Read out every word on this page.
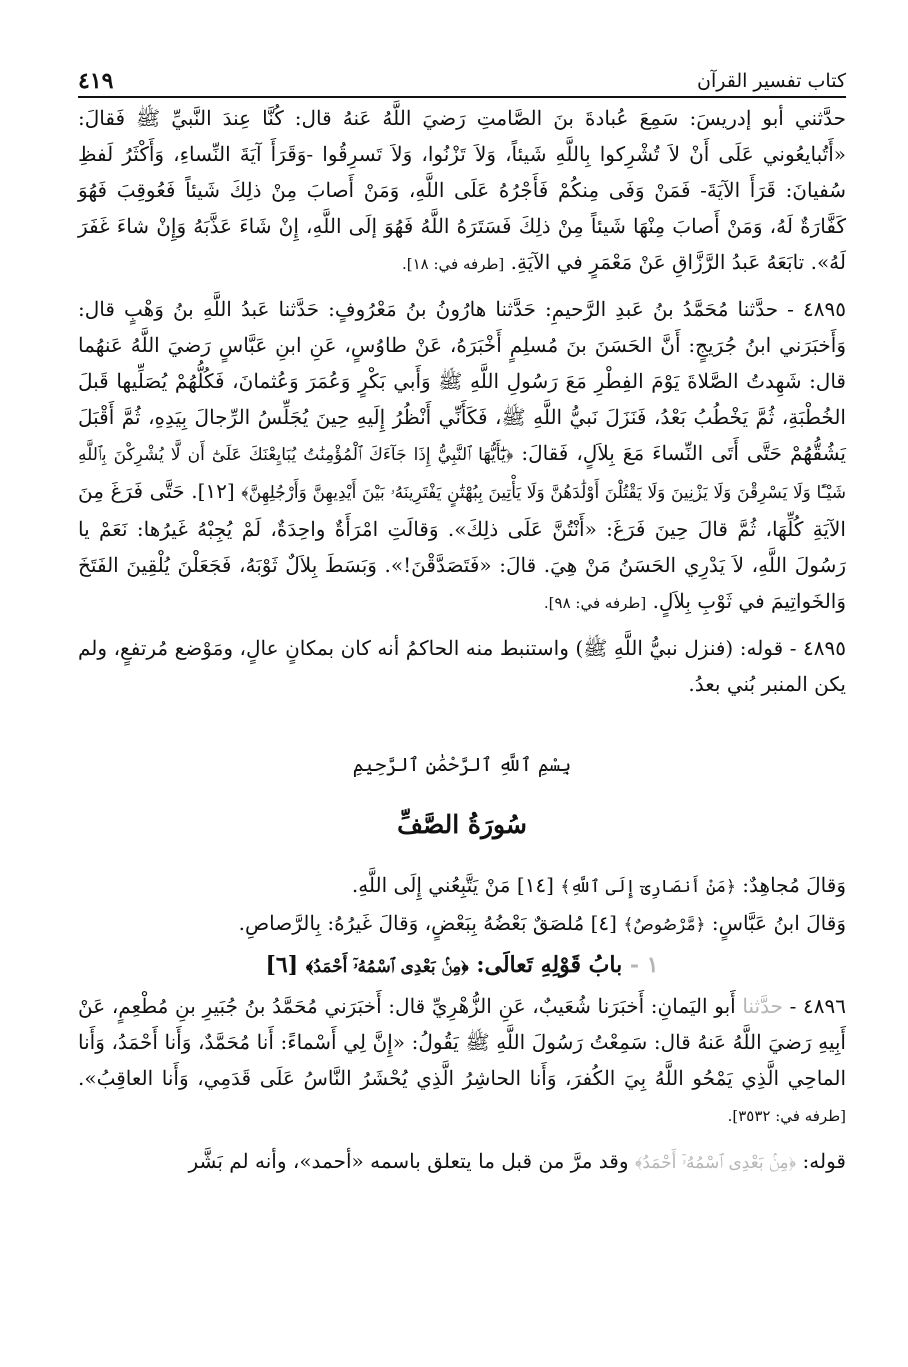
كتاب تفسير القرآن
٤١٩

حدَّثني أبو إدريسَ: سَمِعَ عُبادةَ بنَ الصَّامتِ رَضيَ اللَّهُ عَنهُ قال: كُنَّا عِندَ النَّبيِّ ﷺ فَقالَ: «أَتُبايعُوني عَلَى أَنْ لاَ تُشْرِكوا بِاللَّهِ شَيئاً، وَلاَ تَزْنُوا، وَلاَ تَسرِقُوا -وَقَرَأَ آيَةَ النِّساءِ، وَأَكْثَرُ لَفظِ سُفيانَ: قَرَأَ الآيَةَ- فَمَنْ وَفَى مِنكُمْ فَأَجْرُهُ عَلَى اللَّهِ، وَمَنْ أَصابَ مِنْ ذلِكَ شَيئاً فَعُوقِبَ فَهُوَ كَفَّارَةٌ لَهُ، وَمَنْ أَصابَ مِنْهَا شَيئاً مِنْ ذلِكَ فَسَتَرَهُ اللَّهُ فَهُوَ إلَى اللَّهِ، إِنْ شَاءَ عَذَّبَهُ وَإِنْ شاءَ غَفَرَ لَهُ». تابَعَهُ عَبدُ الرَّزَّاقِ عَنْ مَعْمَرٍ في الآيَةِ. [طرفه في: ١٨].

٤٨٩٥ - حدَّثنا مُحَمَّدُ بنُ عَبدِ الرَّحيمِ: حَدَّثنا هارُونُ بنُ مَعْرُوفٍ: حَدَّثنا عَبدُ اللَّهِ بنُ وَهْبٍ قال: وَأَخبَرَني ابنُ جُرَيجٍ: أَنَّ الحَسَنَ بنَ مُسلِمٍ أَخْبَرَهُ، عَنْ طاوُسٍ، عَنِ ابنِ عَبَّاسٍ رَضيَ اللَّهُ عَنهُما قال: شَهِدتُ الصَّلاةَ يَوْمَ الفِطْرِ مَعَ رَسُولِ اللَّهِ ﷺ وَأَبي بَكْرٍ وَعُمَرَ وَعُثمانَ، فَكُلُّهُمْ يُصَلِّيها قَبلَ الخُطْبَةِ، ثُمَّ يَخْطُبُ بَعْدُ، فَنَزَلَ نَبيُّ اللَّهِ ﷺ، فَكَأَنِّي أَنْظُرُ إِلَيهِ حِينَ يُجَلِّسُ الرِّجالَ بِيَدِهِ، ثُمَّ أَقْبَلَ يَشُقُّهُمْ حَتَّى أَتَى النِّساءَ مَعَ بِلاَلٍ، فَقالَ: ﴿يَٰٓأَيُّهَا ٱلنَّبِيُّ إِذَا جَآءَكَ ٱلْمُؤْمِنَٰتُ يُبَايِعْنَكَ عَلَىٰٓ أَن لَّا يُشْرِكْنَ بِٱللَّهِ شَيْـًٔا وَلَا يَسْرِقْنَ وَلَا يَزْنِينَ وَلَا يَقْتُلْنَ أَوْلَٰدَهُنَّ وَلَا يَأْتِينَ بِبُهْتَٰنٍ يَفْتَرِينَهُۥ بَيْنَ أَيْدِيهِنَّ وَأَرْجُلِهِنَّ﴾ [١٢]. حَتَّى فَرَغَ مِنَ الآيَةِ كُلِّهَا، ثُمَّ قالَ حِينَ فَرَغَ: «أَنْتُنَّ عَلَى ذلِكَ». وَقالَتِ امْرَأَةٌ واحِدَةٌ، لَمْ يُجِبْهُ غَيرُها: نَعَمْ يا رَسُولَ اللَّهِ، لاَ يَدْرِي الحَسَنُ مَنْ هِيَ. قالَ: «فَتَصَدَّقْنَ!». وَبَسَطَ بِلاَلٌ ثَوْبَهُ، فَجَعَلْنَ يُلْقِينَ الفَتَخَ وَالخَواتِيمَ في ثَوْبِ بِلاَلٍ. [طرفه في: ٩٨].

٤٨٩٥ - قوله: (فنزل نبيُّ اللَّهِ ﷺ) واستنبط منه الحاكمُ أنه كان بمكانٍ عالٍ، ومَوْضع مُرتفعٍ، ولم يكن المنبر بُني بعدُ.

بِسْمِ ٱللَّهِ ٱلرَّحْمَٰنِ ٱلرَّحِيمِ
سُورَةُ الصَّفِّ

وَقالَ مُجاهِدٌ: ﴿مَنْ أَنصَارِىٓ إِلَى ٱللَّهِ﴾ [١٤] مَنْ يَتَّبِعُني إِلَى اللَّهِ.

وَقالَ ابنُ عَبَّاسٍ: ﴿مَّرْصُوصٌ﴾ [٤] مُلصَقٌ بَعْضُهُ بِبَعْضٍ، وَقالَ غَيرُهُ: بِالرَّصاصِ.

١ - بابُ قَوْلِهِ تَعالَى: ﴿مِنۢ بَعْدِى ٱسْمُهُۥٓ أَحْمَدُ﴾ [٦]

٤٨٩٦ - حدَّثنا أَبو اليَمانِ: أَخبَرَنا شُعَيبٌ، عَنِ الزُّهْرِيِّ قال: أَخبَرَني مُحَمَّدُ بنُ جُبَيرِ بنِ مُطْعِمٍ، عَنْ أَبِيهِ رَضيَ اللَّهُ عَنهُ قال: سَمِعْتُ رَسُولَ اللَّهِ ﷺ يَقُولُ: «إِنَّ لِي أَسْماءً: أَنا مُحَمَّدٌ، وَأَنا أَحْمَدُ، وَأَنا الماحِي الَّذِي يَمْحُو اللَّهُ بِيَ الكُفرَ، وَأَنا الحاشِرُ الَّذِي يُحْشَرُ النَّاسُ عَلَى قَدَمِي، وَأَنا العاقِبُ». [طرفه في: ٣٥٣٢].

قوله: ﴿مِنۢ بَعْدِى ٱسْمُهُۥٓ أَحْمَدُ﴾ وقد مرَّ من قبل ما يتعلق باسمه «أحمد»، وأنه لم بَشَّر
